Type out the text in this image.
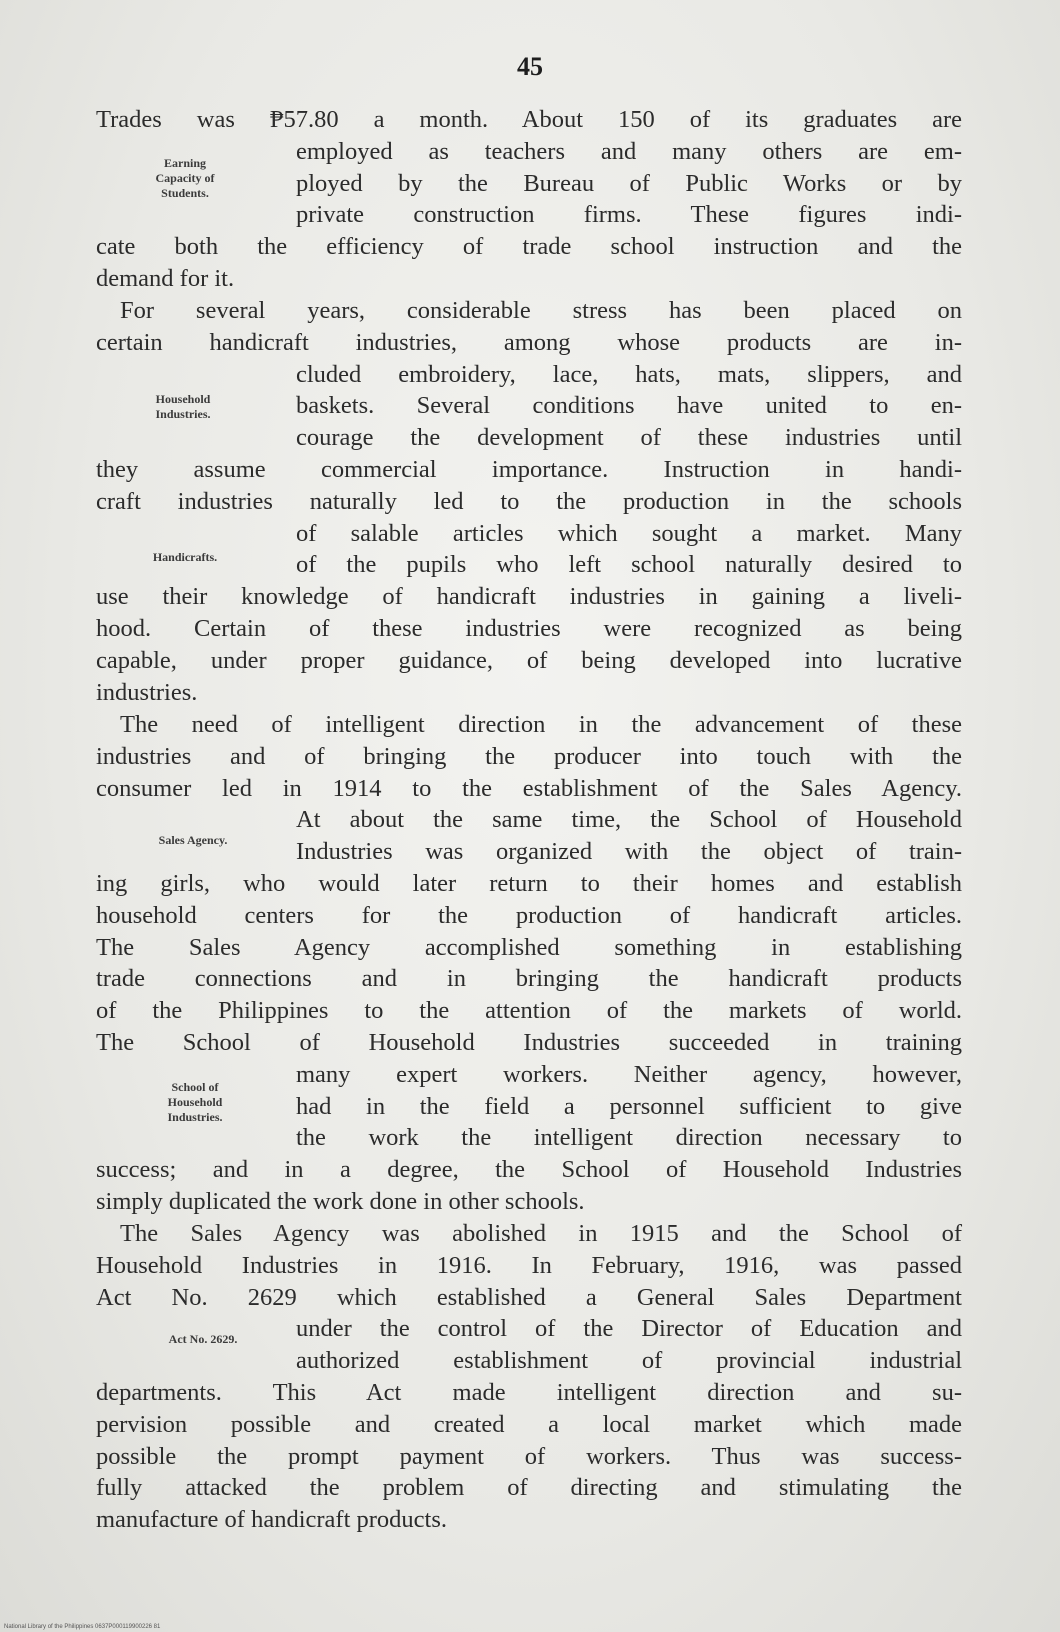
45
Trades was ₱57.80 a month. About 150 of its graduates are
employed as teachers and many others are em-
ployed by the Bureau of Public Works or by
private construction firms. These figures indi-
cate both the efficiency of trade school instruction and the
demand for it.
For several years, considerable stress has been placed on
certain handicraft industries, among whose products are in-
cluded embroidery, lace, hats, mats, slippers, and
baskets. Several conditions have united to en-
courage the development of these industries until
they assume commercial importance. Instruction in handi-
craft industries naturally led to the production in the schools
of salable articles which sought a market. Many
of the pupils who left school naturally desired to
use their knowledge of handicraft industries in gaining a liveli-
hood. Certain of these industries were recognized as being
capable, under proper guidance, of being developed into lucrative
industries.
The need of intelligent direction in the advancement of these
industries and of bringing the producer into touch with the
consumer led in 1914 to the establishment of the Sales Agency.
At about the same time, the School of Household
Industries was organized with the object of train-
ing girls, who would later return to their homes and establish
household centers for the production of handicraft articles.
The Sales Agency accomplished something in establishing
trade connections and in bringing the handicraft products
of the Philippines to the attention of the markets of world.
The School of Household Industries succeeded in training
many expert workers. Neither agency, however,
had in the field a personnel sufficient to give
the work the intelligent direction necessary to
success; and in a degree, the School of Household Industries
simply duplicated the work done in other schools.
The Sales Agency was abolished in 1915 and the School of
Household Industries in 1916. In February, 1916, was passed
Act No. 2629 which established a General Sales Department
under the control of the Director of Education and
authorized establishment of provincial industrial
departments. This Act made intelligent direction and su-
pervision possible and created a local market which made
possible the prompt payment of workers. Thus was success-
fully attacked the problem of directing and stimulating the
manufacture of handicraft products.
Earning
Capacity of
Students.
Household
Industries.
Handicrafts.
Sales Agency.
School of
Household
Industries.
Act No. 2629.
National Library of the Philippines 0637P000119900226 81
